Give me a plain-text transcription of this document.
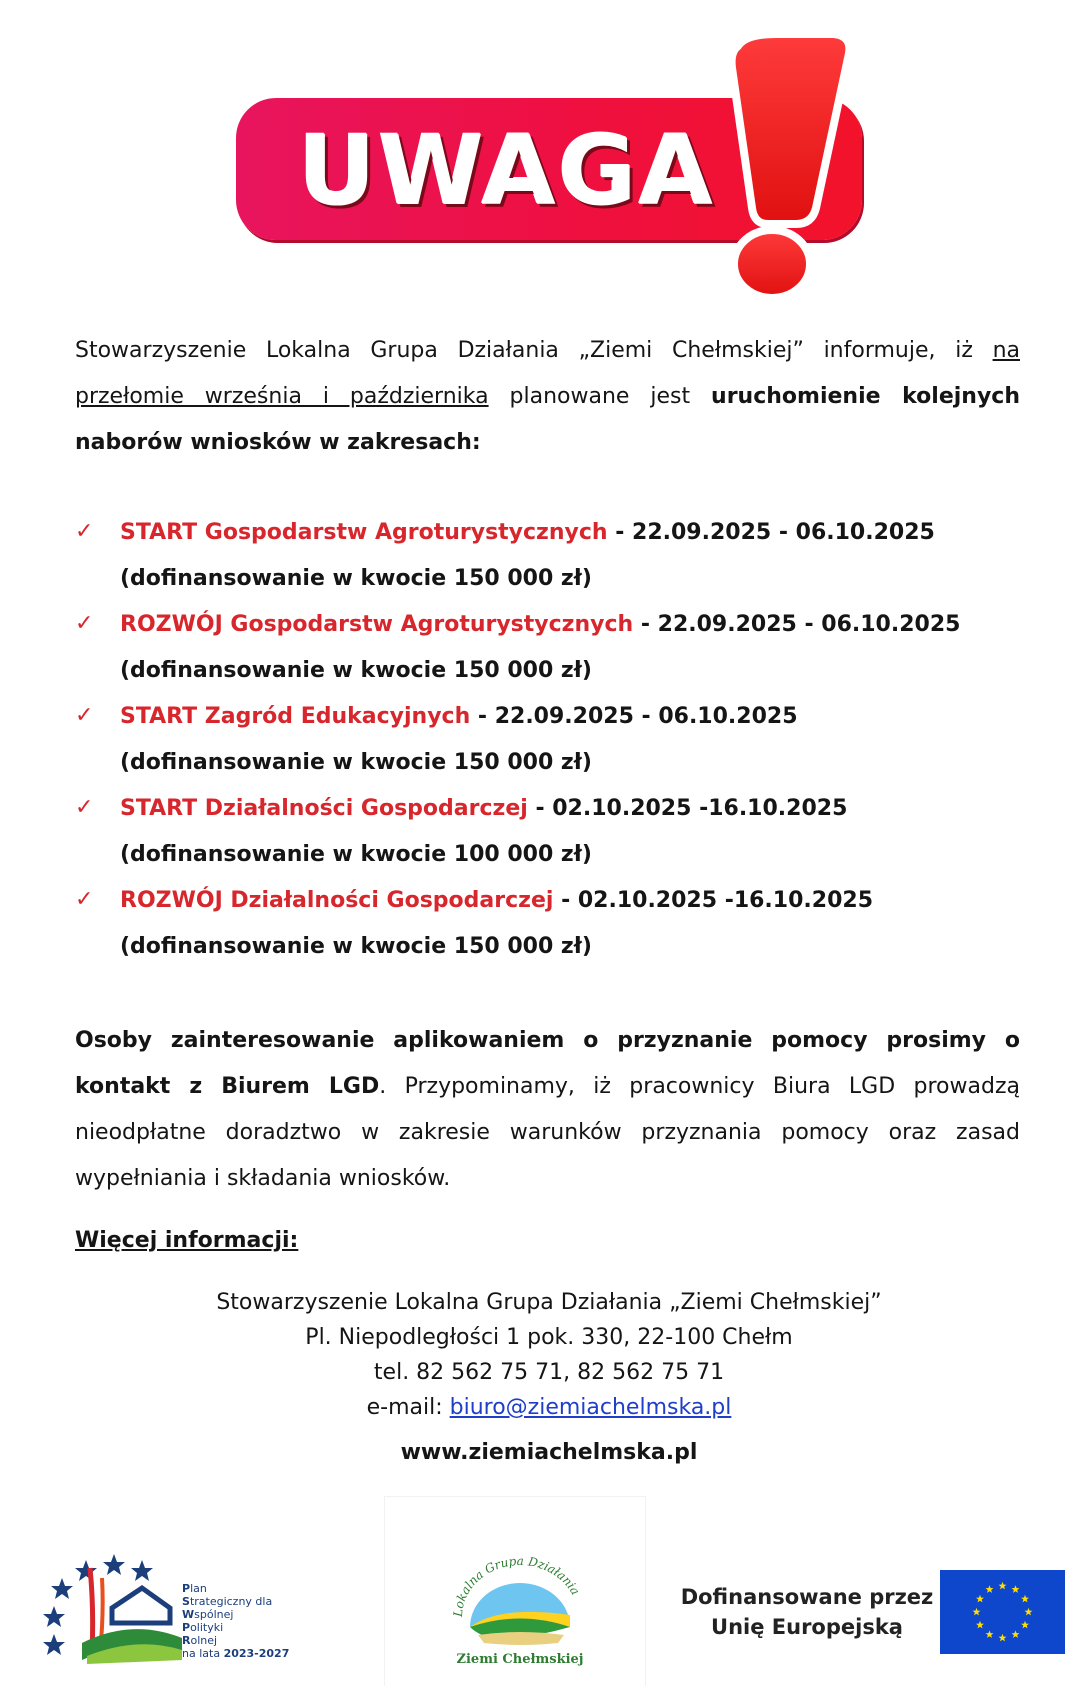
UWAGA
Stowarzyszenie Lokalna Grupa Działania „Ziemi Chełmskiej” informuje, iż na przełomie września i października planowane jest uruchomienie kolejnych naborów wniosków w zakresach:
✓ START Gospodarstw Agroturystycznych - 22.09.2025 - 06.10.2025
(dofinansowanie w kwocie 150 000 zł)
✓ ROZWÓJ Gospodarstw Agroturystycznych - 22.09.2025 - 06.10.2025
(dofinansowanie w kwocie 150 000 zł)
✓ START Zagród Edukacyjnych - 22.09.2025 - 06.10.2025
(dofinansowanie w kwocie 150 000 zł)
✓ START Działalności Gospodarczej - 02.10.2025 -16.10.2025
(dofinansowanie w kwocie 100 000 zł)
✓ ROZWÓJ Działalności Gospodarczej - 02.10.2025 -16.10.2025
(dofinansowanie w kwocie 150 000 zł)
Osoby zainteresowanie aplikowaniem o przyznanie pomocy prosimy o kontakt z Biurem LGD. Przypominamy, iż pracownicy Biura LGD prowadzą nieodpłatne doradztwo w zakresie warunków przyznania pomocy oraz zasad wypełniania i składania wniosków.
Więcej informacji:
Stowarzyszenie Lokalna Grupa Działania „Ziemi Chełmskiej”
Pl. Niepodległości 1 pok. 330, 22-100 Chełm
tel. 82 562 75 71, 82 562 75 71
e-mail: biuro@ziemiachelmska.pl
www.ziemiachelmska.pl
Plan
Strategiczny dla
Wspólnej
Polityki
Rolnej
na lata 2023-2027
Lokalna Grupa Działania
Ziemi Chełmskiej
Dofinansowane przez
Unię Europejską
